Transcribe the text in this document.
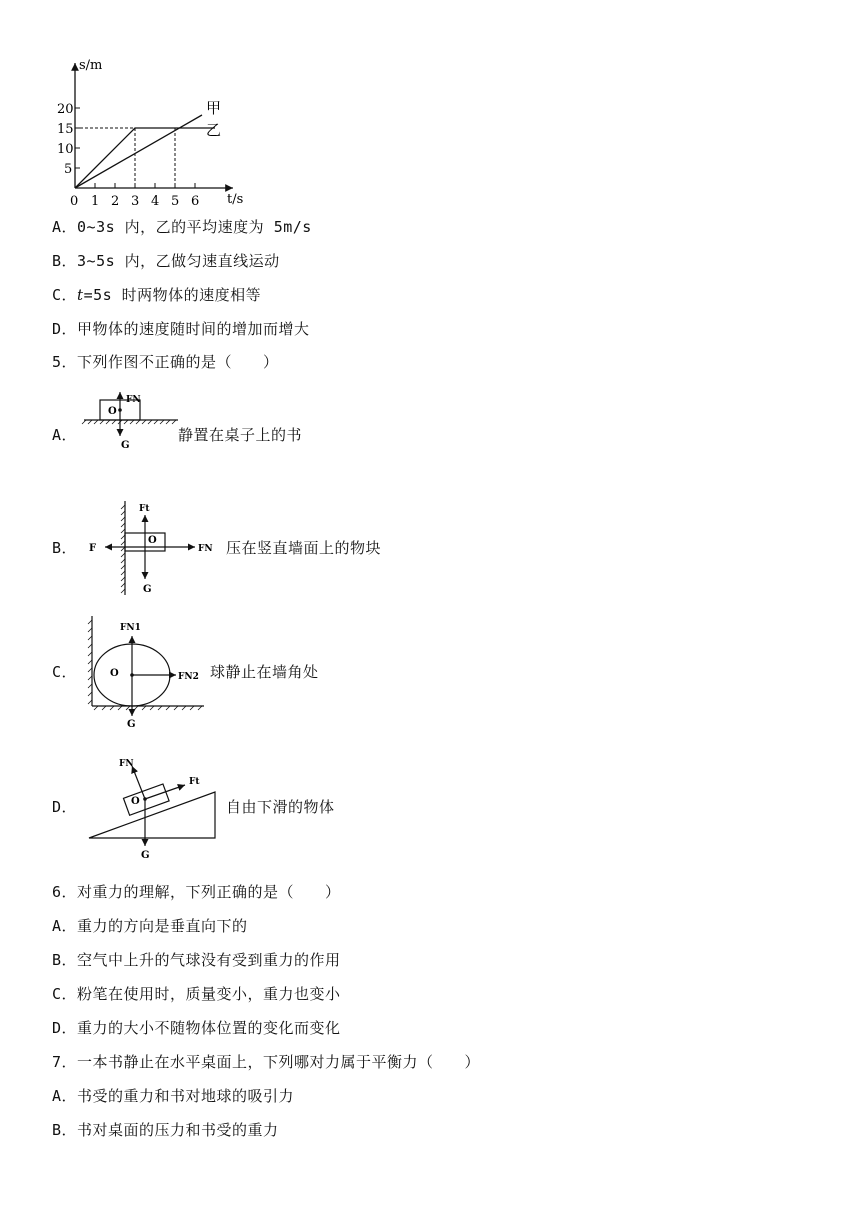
s/m
t/s
20
15
10
5
0 1 2 3 4 5 6
甲
乙
A．0~3s 内，乙的平均速度为 5m/s
B．3~5s 内，乙做匀速直线运动
C．t=5s 时两物体的速度相等
D．甲物体的速度随时间的增加而增大
5．下列作图不正确的是（　　）
A．
FN
O
G
静置在桌子上的书
B．
Ft
F	FN
O
G
压在竖直墙面上的物块
C．
FN1
FN2
O
G
球静止在墙角处
D．
FN
Ft
O
G
自由下滑的物体
6．对重力的理解，下列正确的是（　　）
A．重力的方向是垂直向下的
B．空气中上升的气球没有受到重力的作用
C．粉笔在使用时，质量变小，重力也变小
D．重力的大小不随物体位置的变化而变化
7．一本书静止在水平桌面上，下列哪对力属于平衡力（　　）
A．书受的重力和书对地球的吸引力
B．书对桌面的压力和书受的重力
